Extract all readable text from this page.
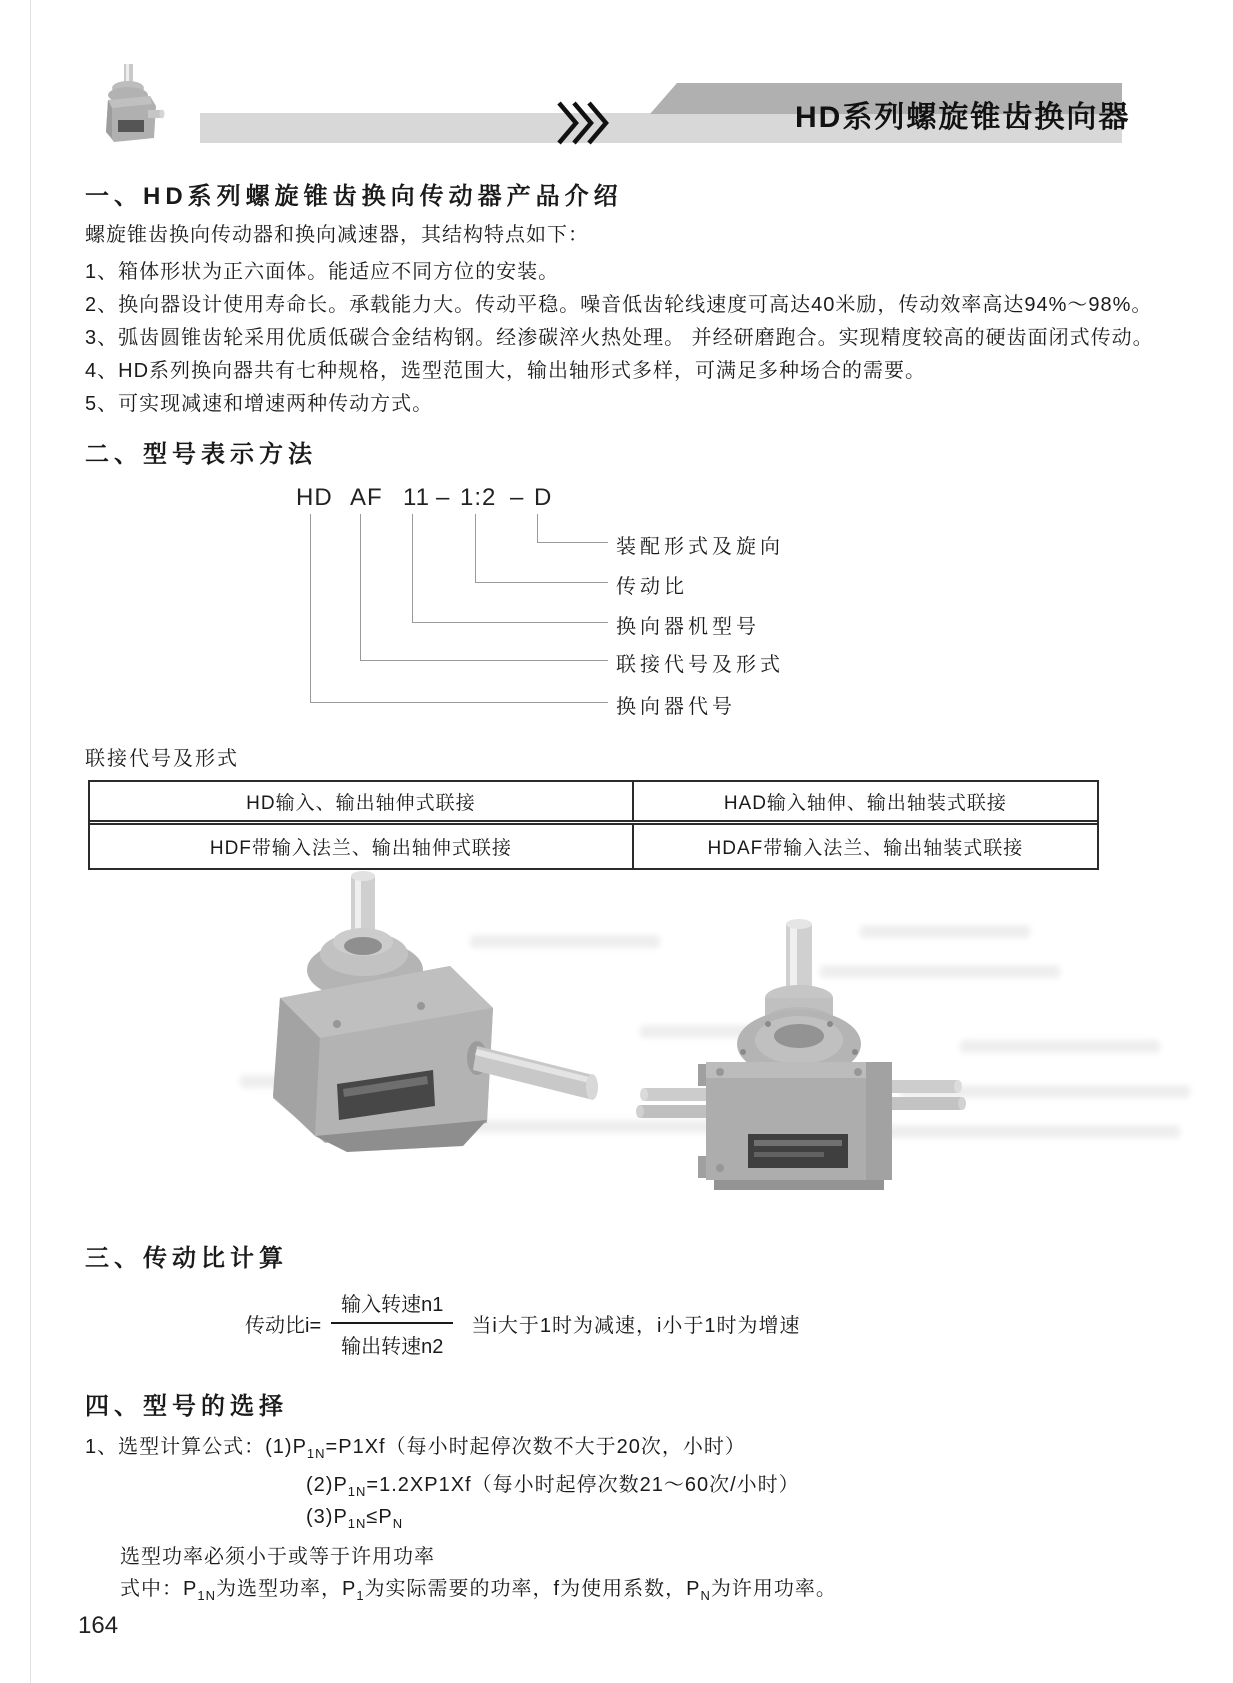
HD系列螺旋锥齿换向器
一、HD系列螺旋锥齿换向传动器产品介绍
螺旋锥齿换向传动器和换向减速器，其结构特点如下：
1、箱体形状为正六面体。能适应不同方位的安装。
2、换向器设计使用寿命长。承载能力大。传动平稳。噪音低齿轮线速度可高达40米励，传动效率高达94%～98%。
3、弧齿圆锥齿轮采用优质低碳合金结构钢。经渗碳淬火热处理。 并经研磨跑合。实现精度较高的硬齿面闭式传动。
4、HD系列换向器共有七种规格，选型范围大，输出轴形式多样，可满足多种场合的需要。
5、可实现减速和增速两种传动方式。
二、型号表示方法
HD AF 11 – 1:2 – D
装配形式及旋向
传动比
换向器机型号
联接代号及形式
换向器代号
联接代号及形式
HD输入、输出轴伸式联接	HAD输入轴伸、输出轴装式联接
HDF带输入法兰、输出轴伸式联接	HDAF带输入法兰、输出轴装式联接
三、传动比计算
传动比$i= \frac{\text{输入转速n1}}{\text{输出转速n2}}$ 当i大于1时为减速，i小于1时为增速
四、型号的选择
1、选型计算公式：$(1)P_{1N}=P1Xf$（每小时起停次数不大于20次，小时）
$(2)P_{1N}=1.2XP1Xf$（每小时起停次数21～60次/小时）
$(3)P_{1N}\le P_N$
选型功率必须小于或等于许用功率
式中：$P_{1N}$为选型功率，$P_1$为实际需要的功率，f为使用系数，$P_N$为许用功率。
164
